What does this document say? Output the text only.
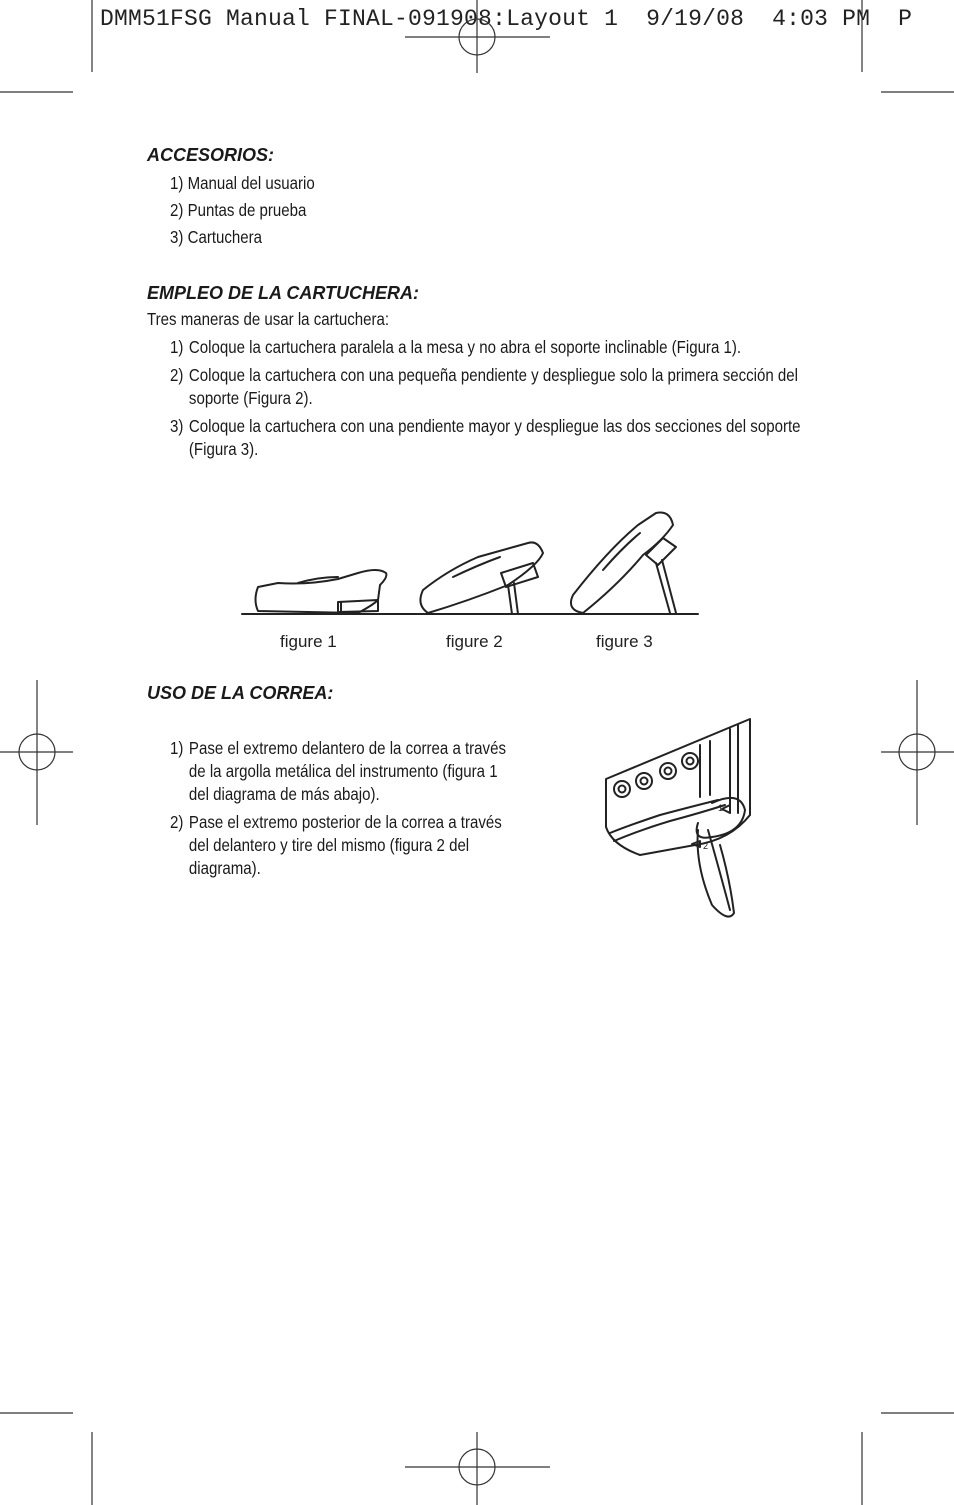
DMM51FSG Manual FINAL-091908:Layout 1  9/19/08  4:03 PM  P
ACCESORIOS:
1) Manual del usuario
2) Puntas de prueba
3) Cartuchera
EMPLEO DE LA CARTUCHERA:
Tres maneras de usar la cartuchera:
1) Coloque la cartuchera paralela a la mesa y no abra el soporte inclinable (Figura 1).
2) Coloque la cartuchera con una pequeña pendiente y despliegue solo la primera sección del soporte (Figura 2).
3) Coloque la cartuchera con una pendiente mayor y despliegue las dos secciones del soporte (Figura 3).
figure 1	figure 2	figure 3
USO DE LA CORREA:
1) Pase el extremo delantero de la correa a través de la argolla metálica del instrumento (figura 1 del diagrama de más abajo).
2) Pase el extremo posterior de la correa a través del delantero y tire del mismo (figura 2 del diagrama).
1
2
